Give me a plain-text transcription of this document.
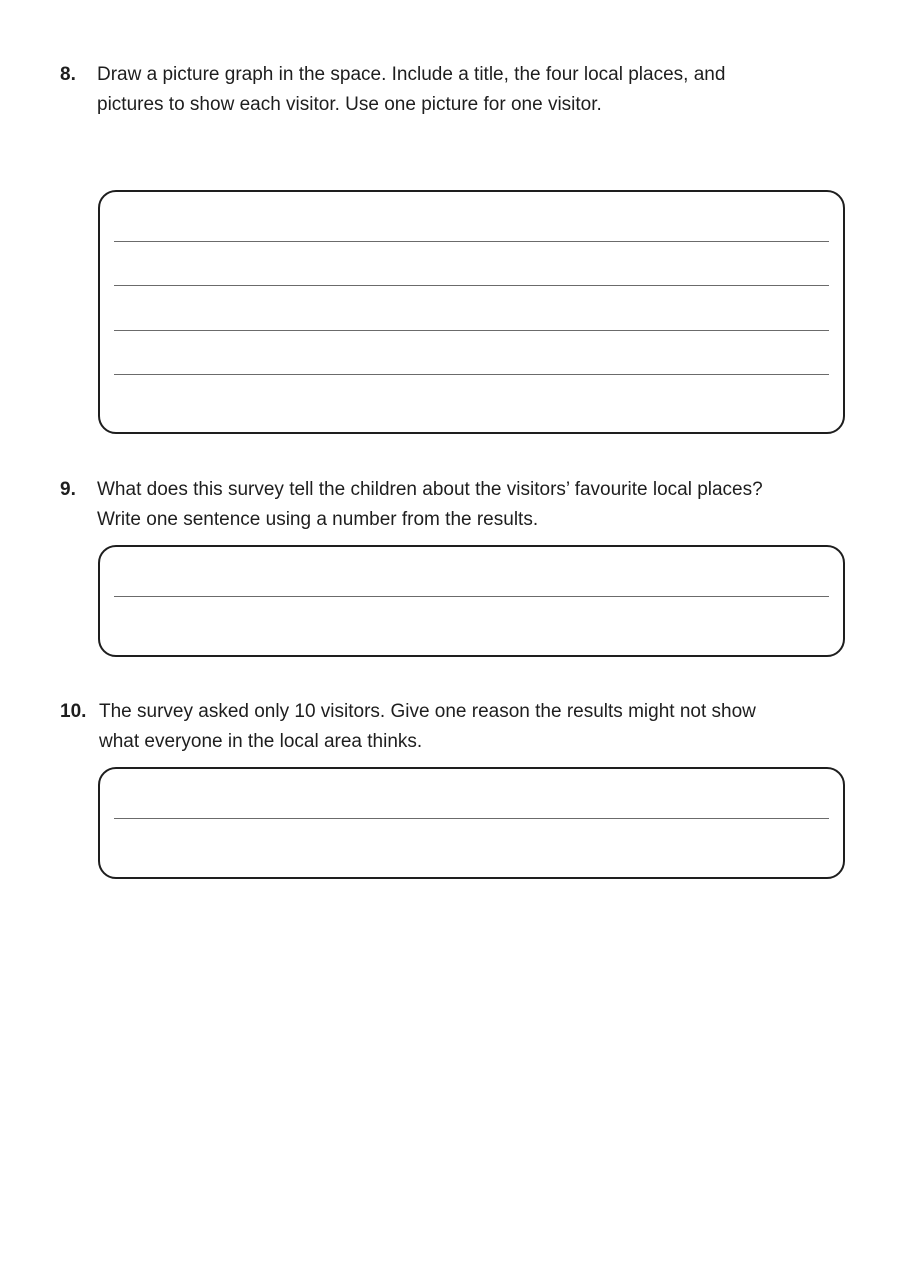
8. Draw a picture graph in the space. Include a title, the four local places, and
pictures to show each visitor. Use one picture for one visitor.
9. What does this survey tell the children about the visitors’ favourite local places?
Write one sentence using a number from the results.
10. The survey asked only 10 visitors. Give one reason the results might not show
what everyone in the local area thinks.
